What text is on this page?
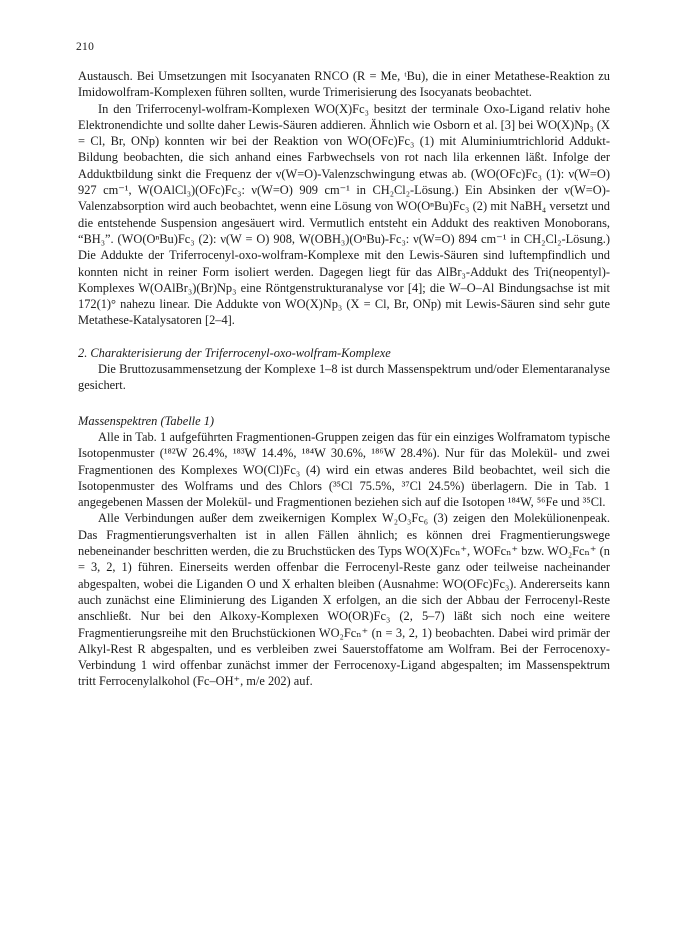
210

Austausch. Bei Umsetzungen mit Isocyanaten RNCO (R = Me, ᵗBu), die in einer Metathese-Reaktion zu Imidowolfram-Komplexen führen sollten, wurde Trimerisierung des Isocyanats beobachtet.

In den Triferrocenyl-wolfram-Komplexen WO(X)Fc₃ besitzt der terminale Oxo-Ligand relativ hohe Elektronendichte und sollte daher Lewis-Säuren addieren. Ähnlich wie Osborn et al. [3] bei WO(X)Np₃ (X = Cl, Br, ONp) konnten wir bei der Reaktion von WO(OFc)Fc₃ (1) mit Aluminiumtrichlorid Addukt-Bildung beobachten, die sich anhand eines Farbwechsels von rot nach lila erkennen läßt. Infolge der Adduktbildung sinkt die Frequenz der ν(W=O)-Valenzschwingung etwas ab. (WO(OFc)Fc₃ (1): ν(W=O) 927 cm⁻¹, W(OAlCl₃)(OFc)Fc₃: ν(W=O) 909 cm⁻¹ in CH₂Cl₂-Lösung.) Ein Absinken der ν(W=O)-Valenzabsorption wird auch beobachtet, wenn eine Lösung von WO(OⁿBu)Fc₃ (2) mit NaBH₄ versetzt und die entstehende Suspension angesäuert wird. Vermutlich entsteht ein Addukt des reaktiven Monoborans, “BH₃”. (WO(OⁿBu)Fc₃ (2): ν(W = O) 908, W(OBH₃)(OⁿBu)-Fc₃: ν(W=O) 894 cm⁻¹ in CH₂Cl₂-Lösung.) Die Addukte der Triferrocenyl-oxo-wolfram-Komplexe mit den Lewis-Säuren sind luftempfindlich und konnten nicht in reiner Form isoliert werden. Dagegen liegt für das AlBr₃-Addukt des Tri(neopentyl)-Komplexes W(OAlBr₃)(Br)Np₃ eine Röntgenstrukturanalyse vor [4]; die W–O–Al Bindungsachse ist mit 172(1)° nahezu linear. Die Addukte von WO(X)Np₃ (X = Cl, Br, ONp) mit Lewis-Säuren sind sehr gute Metathese-Katalysatoren [2–4].

2. Charakterisierung der Triferrocenyl-oxo-wolfram-Komplexe

Die Bruttozusammensetzung der Komplexe 1–8 ist durch Massenspektrum und/oder Elementaranalyse gesichert.

Massenspektren (Tabelle 1)

Alle in Tab. 1 aufgeführten Fragmentionen-Gruppen zeigen das für ein einziges Wolframatom typische Isotopenmuster (¹⁸²W 26.4%, ¹⁸³W 14.4%, ¹⁸⁴W 30.6%, ¹⁸⁶W 28.4%). Nur für das Molekül- und zwei Fragmentionen des Komplexes WO(Cl)Fc₃ (4) wird ein etwas anderes Bild beobachtet, weil sich die Isotopenmuster des Wolframs und des Chlors (³⁵Cl 75.5%, ³⁷Cl 24.5%) überlagern. Die in Tab. 1 angegebenen Massen der Molekül- und Fragmentionen beziehen sich auf die Isotopen ¹⁸⁴W, ⁵⁶Fe und ³⁵Cl.

Alle Verbindungen außer dem zweikernigen Komplex W₂O₃Fc₆ (3) zeigen den Molekülionenpeak. Das Fragmentierungsverhalten ist in allen Fällen ähnlich; es können drei Fragmentierungswege nebeneinander beschritten werden, die zu Bruchstücken des Typs WO(X)Fcₙ⁺, WOFcₙ⁺ bzw. WO₂Fcₙ⁺ (n = 3, 2, 1) führen. Einerseits werden offenbar die Ferrocenyl-Reste ganz oder teilweise nacheinander abgespalten, wobei die Liganden O und X erhalten bleiben (Ausnahme: WO(OFc)Fc₃). Andererseits kann auch zunächst eine Eliminierung des Liganden X erfolgen, an die sich der Abbau der Ferrocenyl-Reste anschließt. Nur bei den Alkoxy-Komplexen WO(OR)Fc₃ (2, 5–7) läßt sich noch eine weitere Fragmentierungsreihe mit den Bruchstückionen WO₂Fcₙ⁺ (n = 3, 2, 1) beobachten. Dabei wird primär der Alkyl-Rest R abgespalten, und es verbleiben zwei Sauerstoffatome am Wolfram. Bei der Ferrocenoxy-Verbindung 1 wird offenbar zunächst immer der Ferrocenoxy-Ligand abgespalten; im Massenspektrum tritt Ferrocenylalkohol (Fc–OH⁺, m/e 202) auf.
